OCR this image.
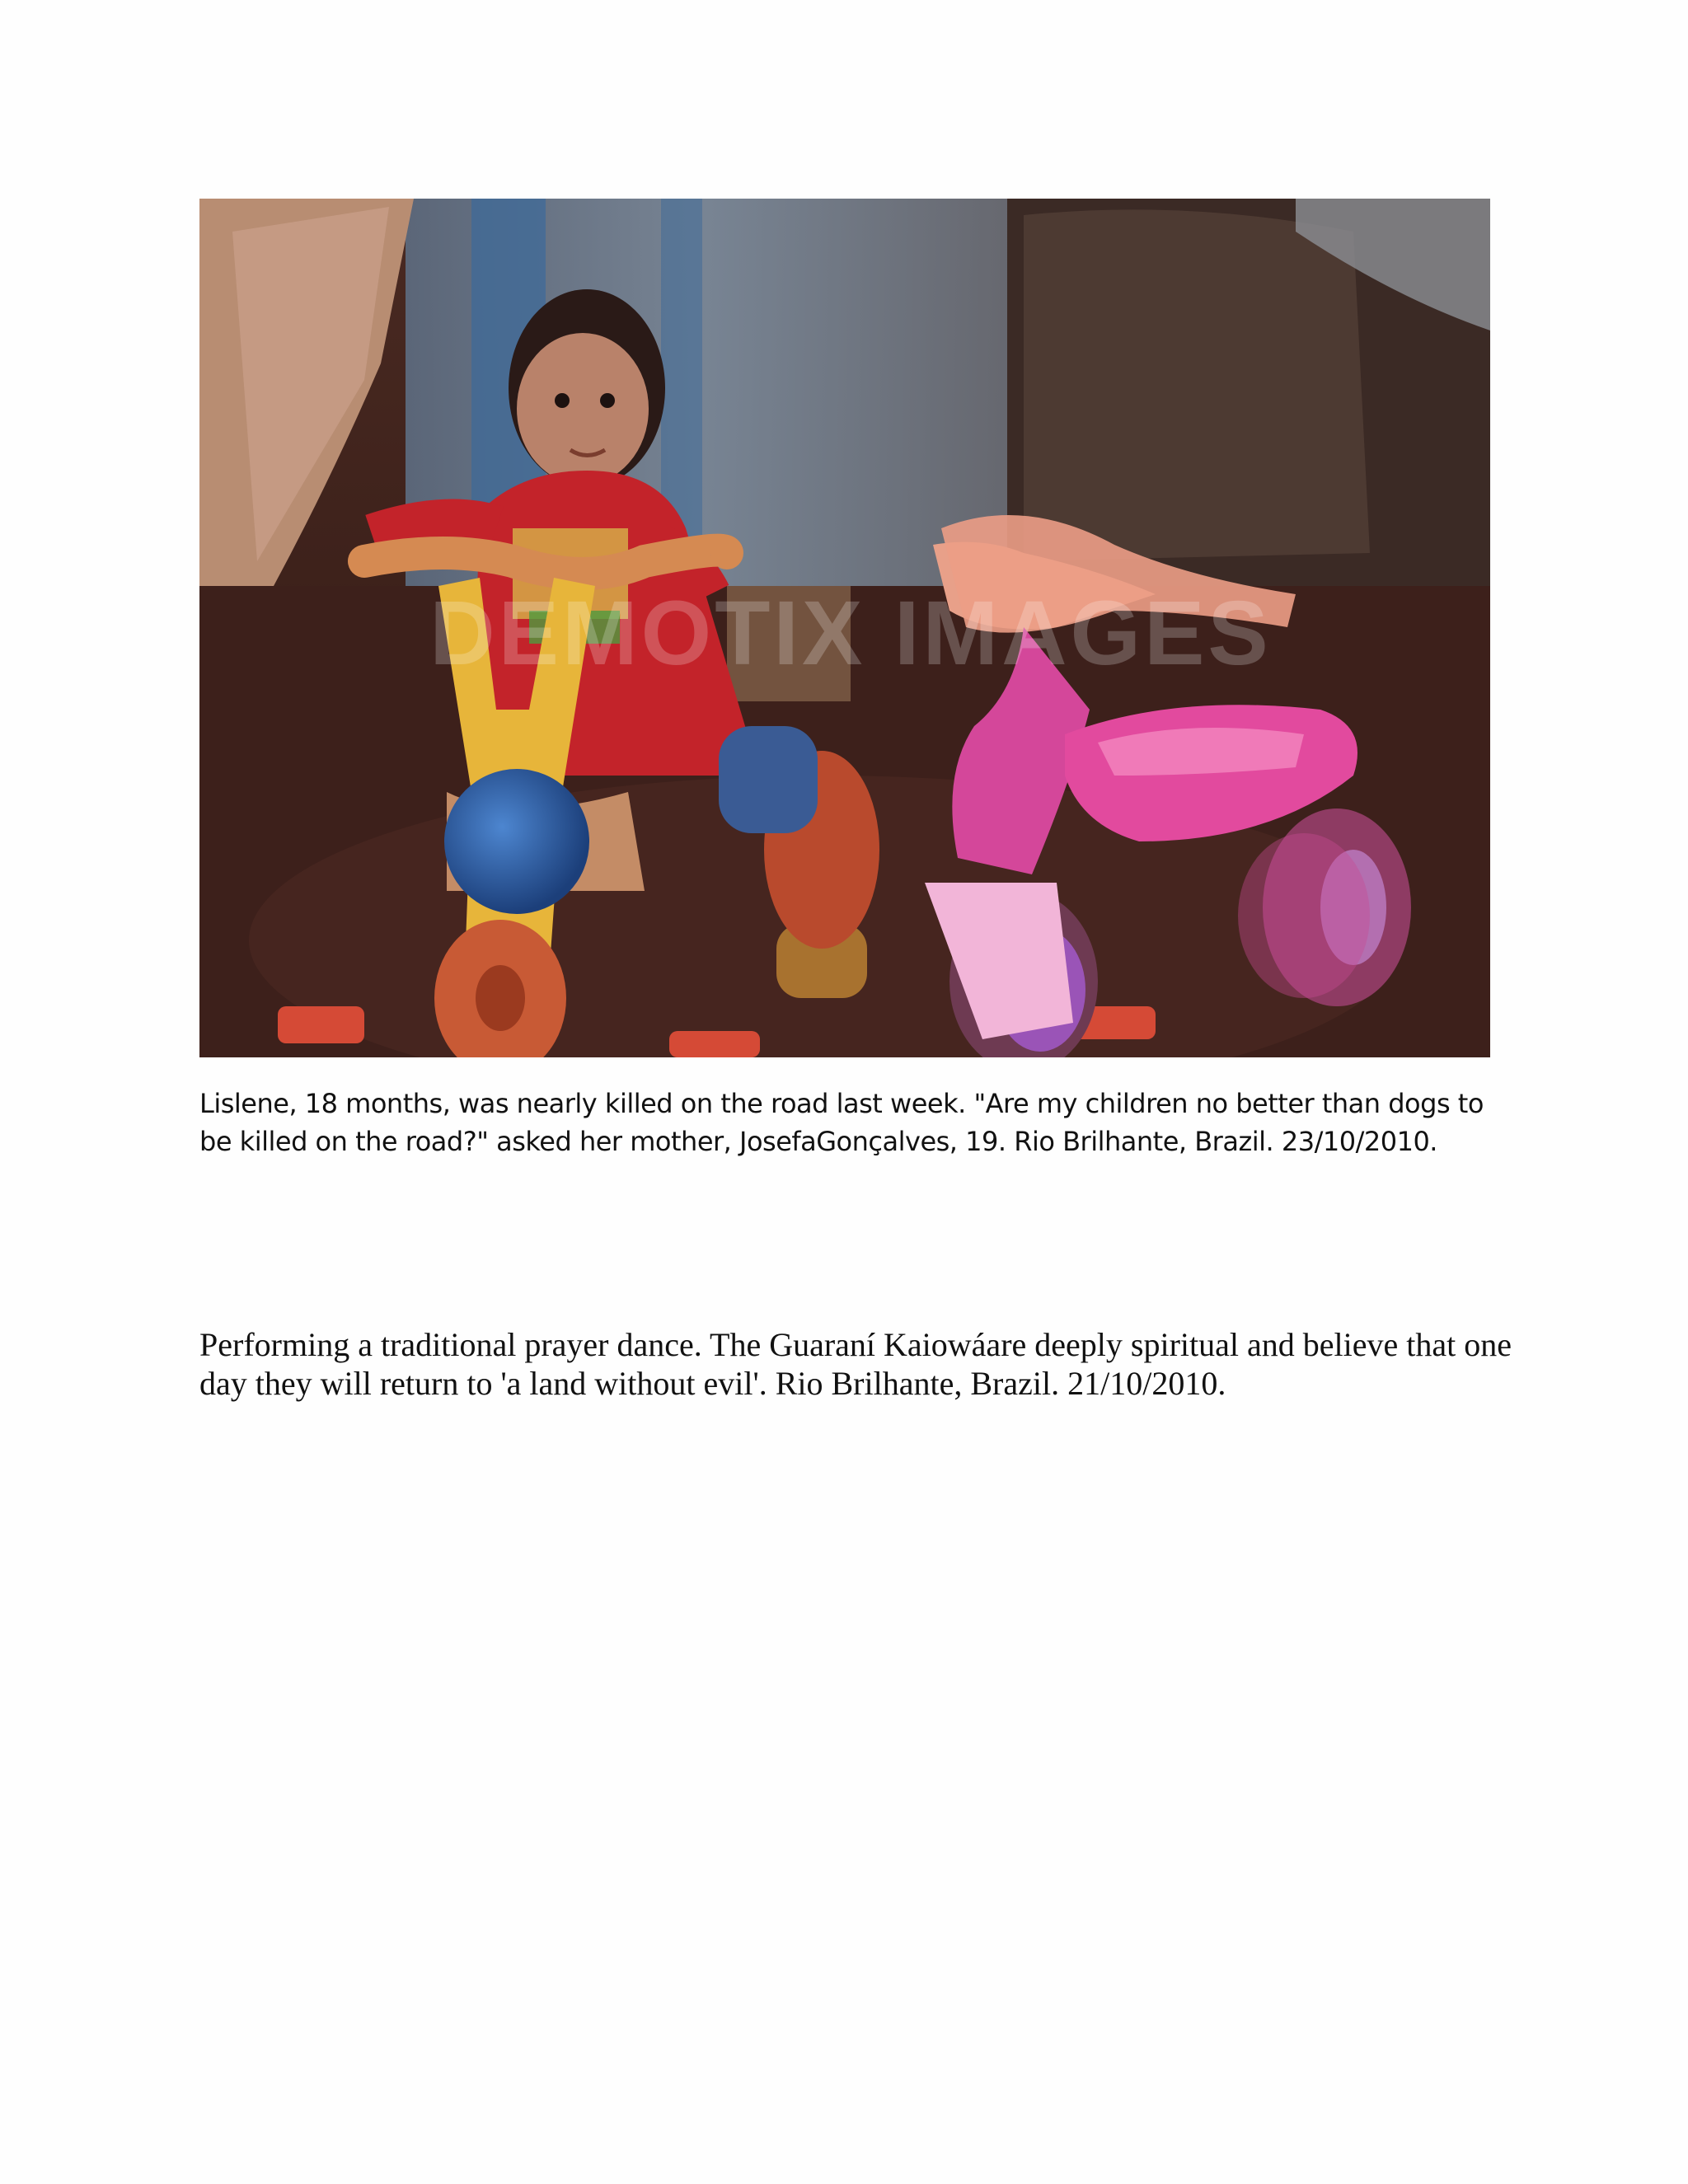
DEMOTIX IMAGES
Lislene, 18 months, was nearly killed on the road last week. "Are my children no better than dogs to be killed on the road?" asked her mother, JosefaGonçalves, 19. Rio Brilhante, Brazil. 23/10/2010.
Performing a traditional prayer dance. The Guaraní Kaiowáare deeply spiritual and believe that one day they will return to 'a land without evil'. Rio Brilhante, Brazil. 21/10/2010.
